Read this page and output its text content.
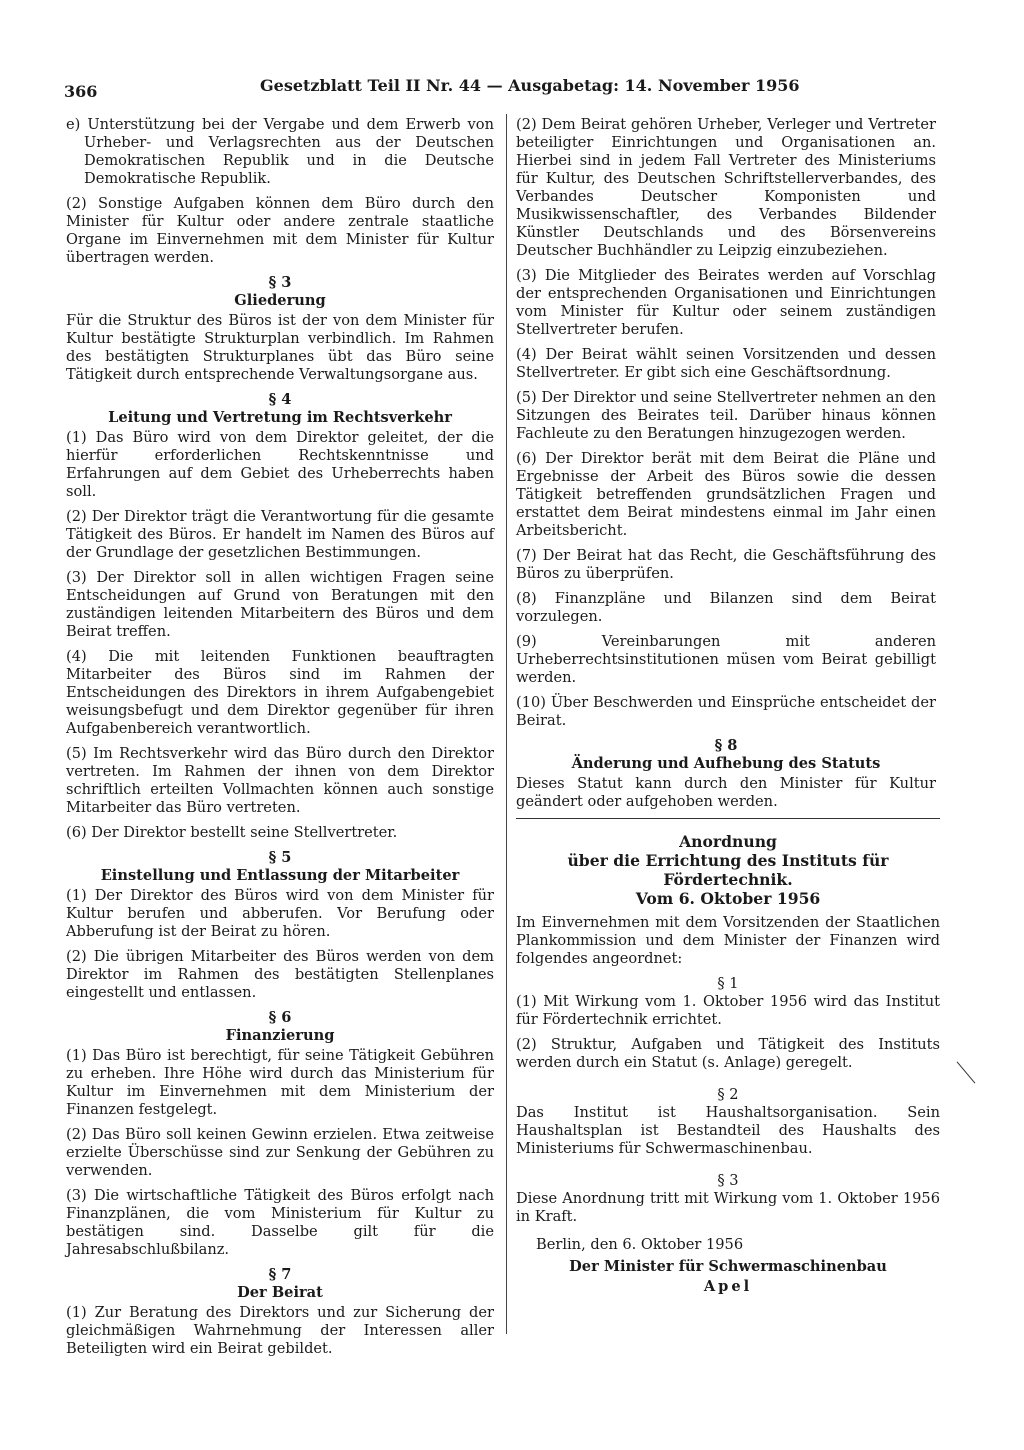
366	Gesetzblatt Teil II Nr. 44 — Ausgabetag: 14. November 1956

e) Unterstützung bei der Vergabe und dem Erwerb von Urheber- und Verlagsrechten aus der Deutschen Demokratischen Republik und in die Deutsche Demokratische Republik.

(2) Sonstige Aufgaben können dem Büro durch den Minister für Kultur oder andere zentrale staatliche Organe im Einvernehmen mit dem Minister für Kultur übertragen werden.

§ 3
Gliederung

Für die Struktur des Büros ist der von dem Minister für Kultur bestätigte Strukturplan verbindlich. Im Rahmen des bestätigten Strukturplanes übt das Büro seine Tätigkeit durch entsprechende Verwaltungsorgane aus.

§ 4
Leitung und Vertretung im Rechtsverkehr

(1) Das Büro wird von dem Direktor geleitet, der die hierfür erforderlichen Rechtskenntnisse und Erfahrungen auf dem Gebiet des Urheberrechts haben soll.

(2) Der Direktor trägt die Verantwortung für die gesamte Tätigkeit des Büros. Er handelt im Namen des Büros auf der Grundlage der gesetzlichen Bestimmungen.

(3) Der Direktor soll in allen wichtigen Fragen seine Entscheidungen auf Grund von Beratungen mit den zuständigen leitenden Mitarbeitern des Büros und dem Beirat treffen.

(4) Die mit leitenden Funktionen beauftragten Mitarbeiter des Büros sind im Rahmen der Entscheidungen des Direktors in ihrem Aufgabengebiet weisungsbefugt und dem Direktor gegenüber für ihren Aufgabenbereich verantwortlich.

(5) Im Rechtsverkehr wird das Büro durch den Direktor vertreten. Im Rahmen der ihnen von dem Direktor schriftlich erteilten Vollmachten können auch sonstige Mitarbeiter das Büro vertreten.

(6) Der Direktor bestellt seine Stellvertreter.

§ 5
Einstellung und Entlassung der Mitarbeiter

(1) Der Direktor des Büros wird von dem Minister für Kultur berufen und abberufen. Vor Berufung oder Abberufung ist der Beirat zu hören.

(2) Die übrigen Mitarbeiter des Büros werden von dem Direktor im Rahmen des bestätigten Stellenplanes eingestellt und entlassen.

§ 6
Finanzierung

(1) Das Büro ist berechtigt, für seine Tätigkeit Gebühren zu erheben. Ihre Höhe wird durch das Ministerium für Kultur im Einvernehmen mit dem Ministerium der Finanzen festgelegt.

(2) Das Büro soll keinen Gewinn erzielen. Etwa zeitweise erzielte Überschüsse sind zur Senkung der Gebühren zu verwenden.

(3) Die wirtschaftliche Tätigkeit des Büros erfolgt nach Finanzplänen, die vom Ministerium für Kultur zu bestätigen sind. Dasselbe gilt für die Jahresabschlußbilanz.

§ 7
Der Beirat

(1) Zur Beratung des Direktors und zur Sicherung der gleichmäßigen Wahrnehmung der Interessen aller Beteiligten wird ein Beirat gebildet.

(2) Dem Beirat gehören Urheber, Verleger und Vertreter beteiligter Einrichtungen und Organisationen an. Hierbei sind in jedem Fall Vertreter des Ministeriums für Kultur, des Deutschen Schriftstellerverbandes, des Verbandes Deutscher Komponisten und Musikwissenschaftler, des Verbandes Bildender Künstler Deutschlands und des Börsenvereins Deutscher Buchhändler zu Leipzig einzubeziehen.

(3) Die Mitglieder des Beirates werden auf Vorschlag der entsprechenden Organisationen und Einrichtungen vom Minister für Kultur oder seinem zuständigen Stellvertreter berufen.

(4) Der Beirat wählt seinen Vorsitzenden und dessen Stellvertreter. Er gibt sich eine Geschäftsordnung.

(5) Der Direktor und seine Stellvertreter nehmen an den Sitzungen des Beirates teil. Darüber hinaus können Fachleute zu den Beratungen hinzugezogen werden.

(6) Der Direktor berät mit dem Beirat die Pläne und Ergebnisse der Arbeit des Büros sowie die dessen Tätigkeit betreffenden grundsätzlichen Fragen und erstattet dem Beirat mindestens einmal im Jahr einen Arbeitsbericht.

(7) Der Beirat hat das Recht, die Geschäftsführung des Büros zu überprüfen.

(8) Finanzpläne und Bilanzen sind dem Beirat vorzulegen.

(9) Vereinbarungen mit anderen Urheberrechtsinstitutionen müsen vom Beirat gebilligt werden.

(10) Über Beschwerden und Einsprüche entscheidet der Beirat.

§ 8
Änderung und Aufhebung des Statuts

Dieses Statut kann durch den Minister für Kultur geändert oder aufgehoben werden.

Anordnung
über die Errichtung des Instituts für Fördertechnik.
Vom 6. Oktober 1956

Im Einvernehmen mit dem Vorsitzenden der Staatlichen Plankommission und dem Minister der Finanzen wird folgendes angeordnet:

§ 1

(1) Mit Wirkung vom 1. Oktober 1956 wird das Institut für Fördertechnik errichtet.

(2) Struktur, Aufgaben und Tätigkeit des Instituts werden durch ein Statut (s. Anlage) geregelt.

§ 2

Das Institut ist Haushaltsorganisation. Sein Haushaltsplan ist Bestandteil des Haushalts des Ministeriums für Schwermaschinenbau.

§ 3

Diese Anordnung tritt mit Wirkung vom 1. Oktober 1956 in Kraft.

Berlin, den 6. Oktober 1956
Der Minister für Schwermaschinenbau
Apel
